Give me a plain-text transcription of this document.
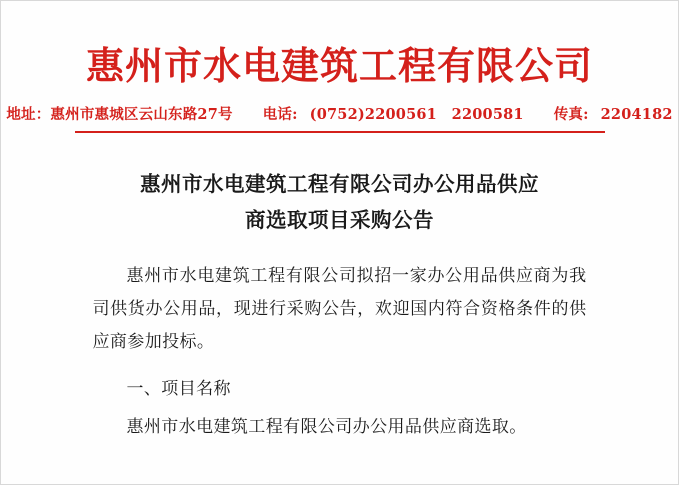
惠州市水电建筑工程有限公司
地址：惠州市惠城区云山东路27号 电话: (0752)2200561　2200581 传真: 2204182
惠州市水电建筑工程有限公司办公用品供应
商选取项目采购公告
惠州市水电建筑工程有限公司拟招一家办公用品供应商为我司供货办公用品，现进行采购公告，欢迎国内符合资格条件的供应商参加投标。
一、项目名称
惠州市水电建筑工程有限公司办公用品供应商选取。
